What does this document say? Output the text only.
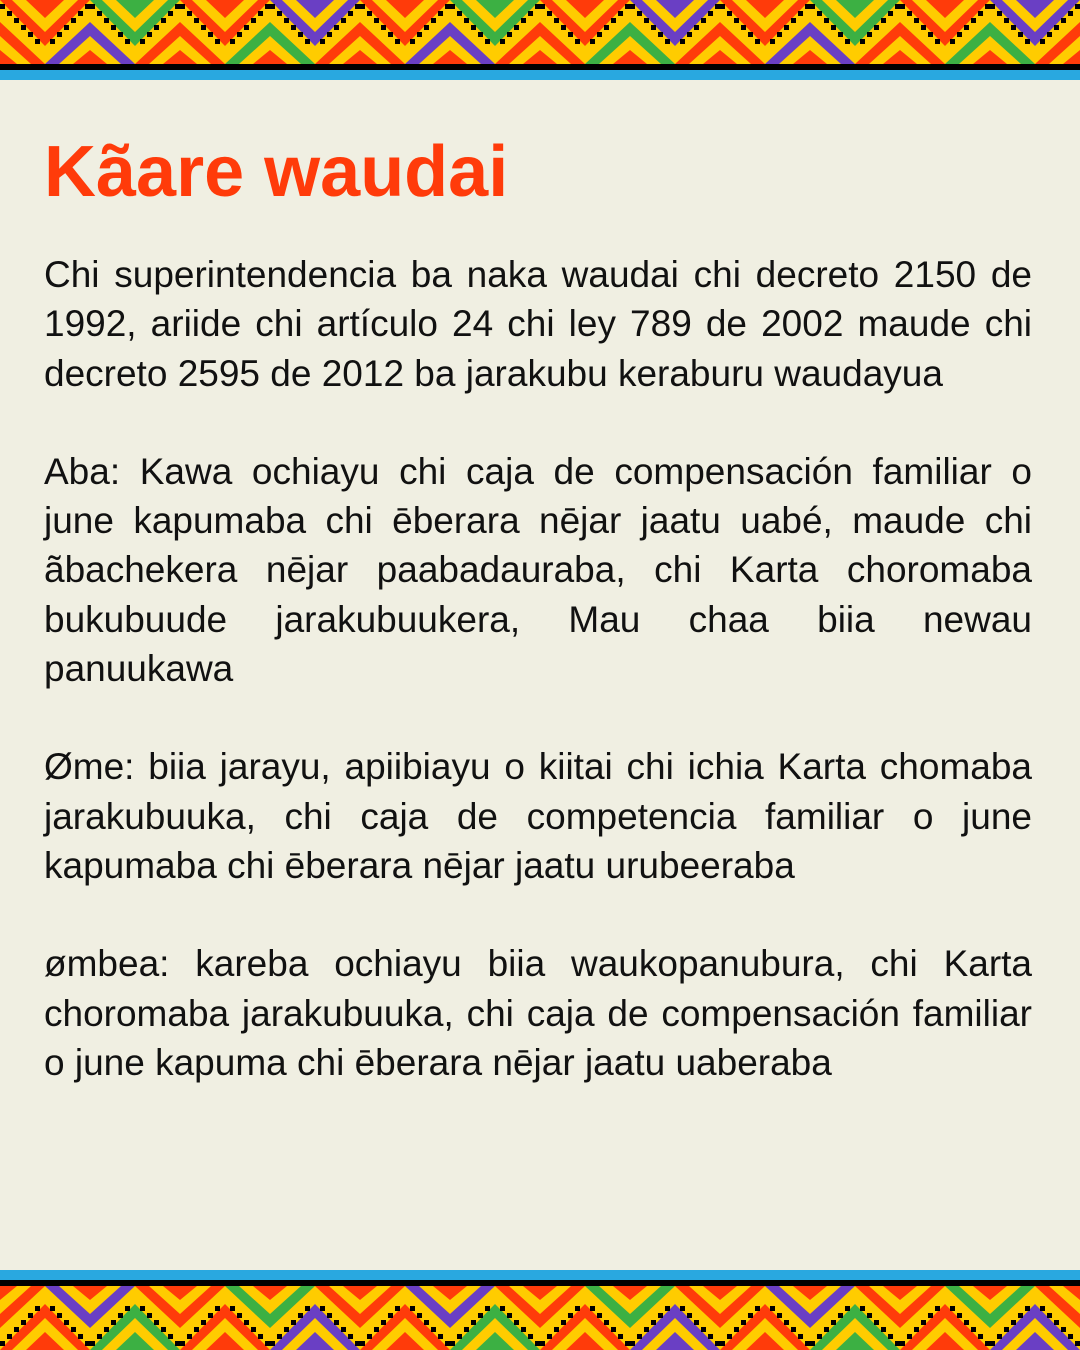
Kãare waudai

Chi superintendencia ba naka waudai chi decreto 2150 de 1992, ariide chi artículo 24 chi ley 789 de 2002 maude chi decreto 2595 de 2012 ba jarakubu keraburu waudayua

Aba: Kawa ochiayu chi caja de compensación familiar o june kapumaba chi ēberara nējar jaatu uabé, maude chi ãbachekera nējar paabadauraba, chi Karta choromaba bukubuude jarakubuukera, Mau chaa biia newau panuukawa

Øme: biia jarayu, apiibiayu o kiitai chi ichia Karta chomaba jarakubuuka, chi caja de competencia familiar o june kapumaba chi ēberara nējar jaatu urubeeraba

ømbea: kareba ochiayu biia waukopanubura, chi Karta choromaba jarakubuuka, chi caja de compensación familiar o june kapuma chi ēberara nējar jaatu uaberaba
